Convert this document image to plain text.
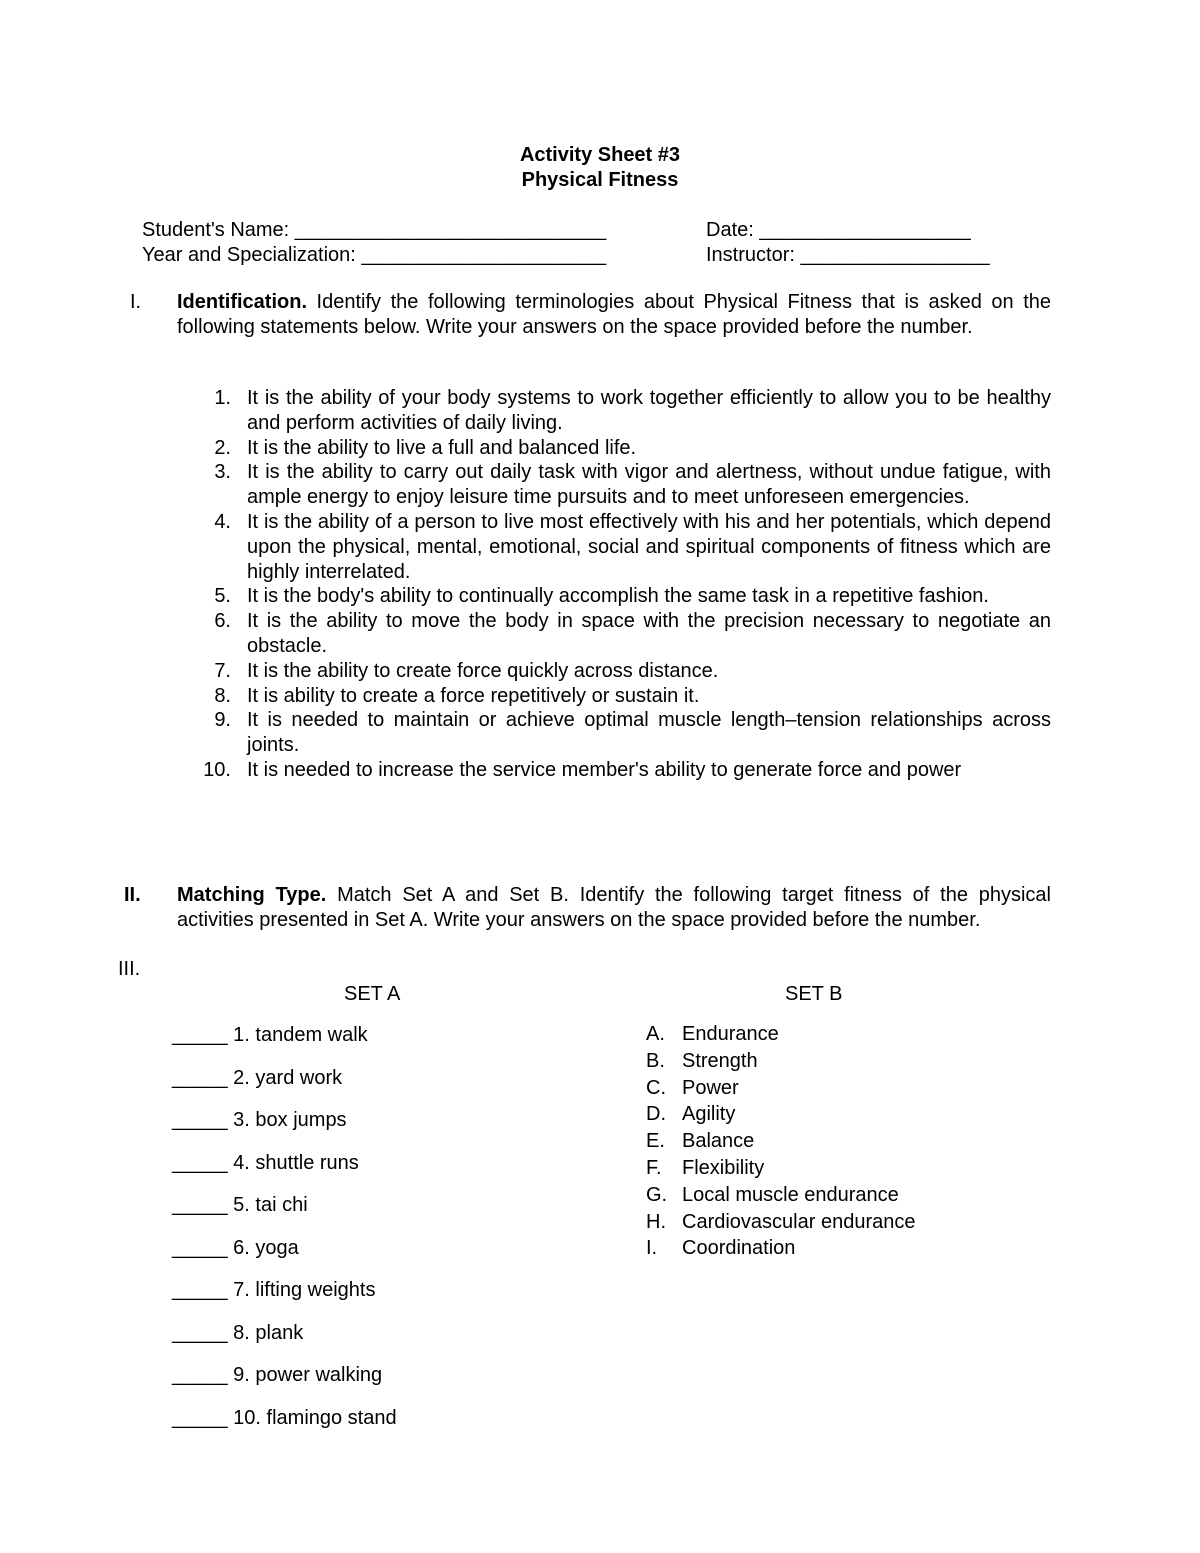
Activity Sheet #3

Physical Fitness

Student's Name: ____________________________	Date: ___________________

Year and Specialization: ______________________	Instructor: _________________

I. Identification. Identify the following terminologies about Physical Fitness that is asked on the following statements below. Write your answers on the space provided before the number.

1. It is the ability of your body systems to work together efficiently to allow you to be healthy and perform activities of daily living.
2. It is the ability to live a full and balanced life.
3. It is the ability to carry out daily task with vigor and alertness, without undue fatigue, with ample energy to enjoy leisure time pursuits and to meet unforeseen emergencies.
4. It is the ability of a person to live most effectively with his and her potentials, which depend upon the physical, mental, emotional, social and spiritual components of fitness which are highly interrelated.
5. It is the body's ability to continually accomplish the same task in a repetitive fashion.
6. It is the ability to move the body in space with the precision necessary to negotiate an obstacle.
7. It is the ability to create force quickly across distance.
8. It is ability to create a force repetitively or sustain it.
9. It is needed to maintain or achieve optimal muscle length–tension relationships across joints.
10. It is needed to increase the service member's ability to generate force and power

II. Matching Type. Match Set A and Set B. Identify the following target fitness of the physical activities presented in Set A. Write your answers on the space provided before the number.

III.

SET A	SET B

_____ 1. tandem walk

_____ 2. yard work

_____ 3. box jumps

_____ 4. shuttle runs

_____ 5. tai chi

_____ 6. yoga

_____ 7. lifting weights

_____ 8. plank

_____ 9. power walking

_____ 10. flamingo stand

A. Endurance
B. Strength
C. Power
D. Agility
E. Balance
F. Flexibility
G. Local muscle endurance
H. Cardiovascular endurance
I. Coordination
